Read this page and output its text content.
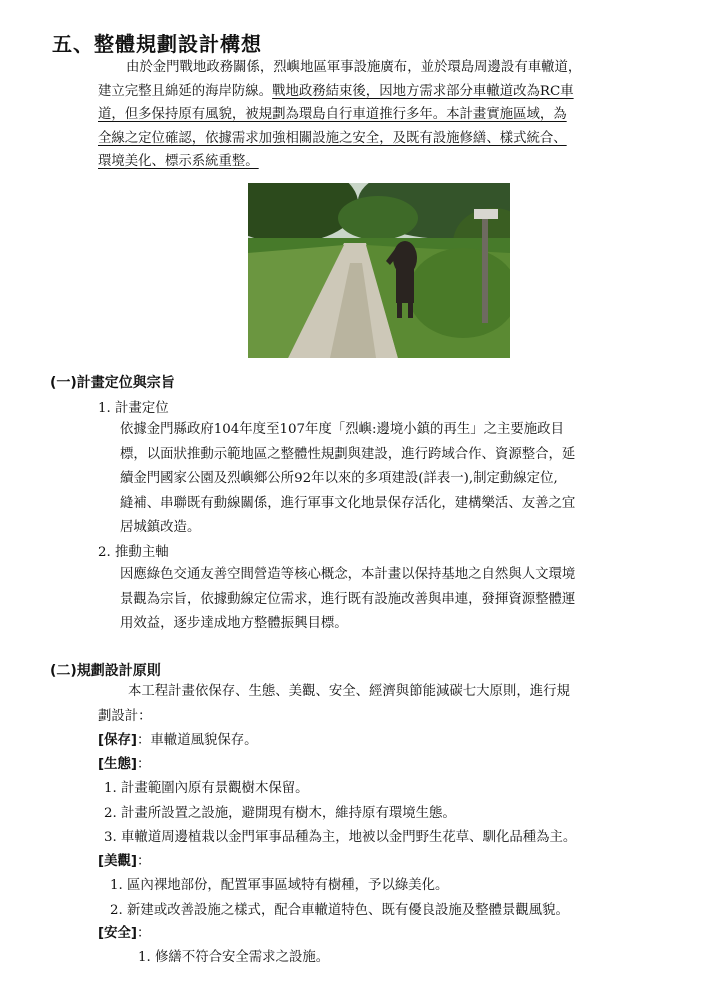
五、整體規劃設計構想

由於金門戰地政務關係，烈嶼地區軍事設施廣布，並於環島周邊設有車轍道，

建立完整且綿延的海岸防線。戰地政務結束後，因地方需求部分車轍道改為RC車

道，但多保持原有風貌，被規劃為環島自行車道推行多年。本計畫實施區域，為

全線之定位確認，依據需求加強相關設施之安全，及既有設施修繕、樣式統合、

環境美化、標示系統重整。

(一)計畫定位與宗旨
1. 計畫定位
依據金門縣政府104年度至107年度「烈嶼:邊境小鎮的再生」之主要施政目
標，以面狀推動示範地區之整體性規劃與建設，進行跨域合作、資源整合，延
續金門國家公園及烈嶼鄉公所92年以來的多項建設(詳表一),制定動線定位,
縫補、串聯既有動線關係，進行軍事文化地景保存活化，建構樂活、友善之宜
居城鎮改造。
2. 推動主軸
因應綠色交通友善空間營造等核心概念，本計畫以保持基地之自然與人文環境
景觀為宗旨，依據動線定位需求，進行既有設施改善與串連，發揮資源整體運
用效益，逐步達成地方整體振興目標。
(二)規劃設計原則
本工程計畫依保存、生態、美觀、安全、經濟與節能減碳七大原則，進行規
劃設計：
[保存]：車轍道風貌保存。
[生態]：
1. 計畫範圍內原有景觀樹木保留。
2. 計畫所設置之設施，避開現有樹木，維持原有環境生態。
3. 車轍道周邊植栽以金門軍事品種為主，地被以金門野生花草、馴化品種為主。
[美觀]：
1. 區內裸地部份，配置軍事區域特有樹種，予以綠美化。
2. 新建或改善設施之樣式，配合車轍道特色、既有優良設施及整體景觀風貌。
[安全]：
1. 修繕不符合安全需求之設施。
